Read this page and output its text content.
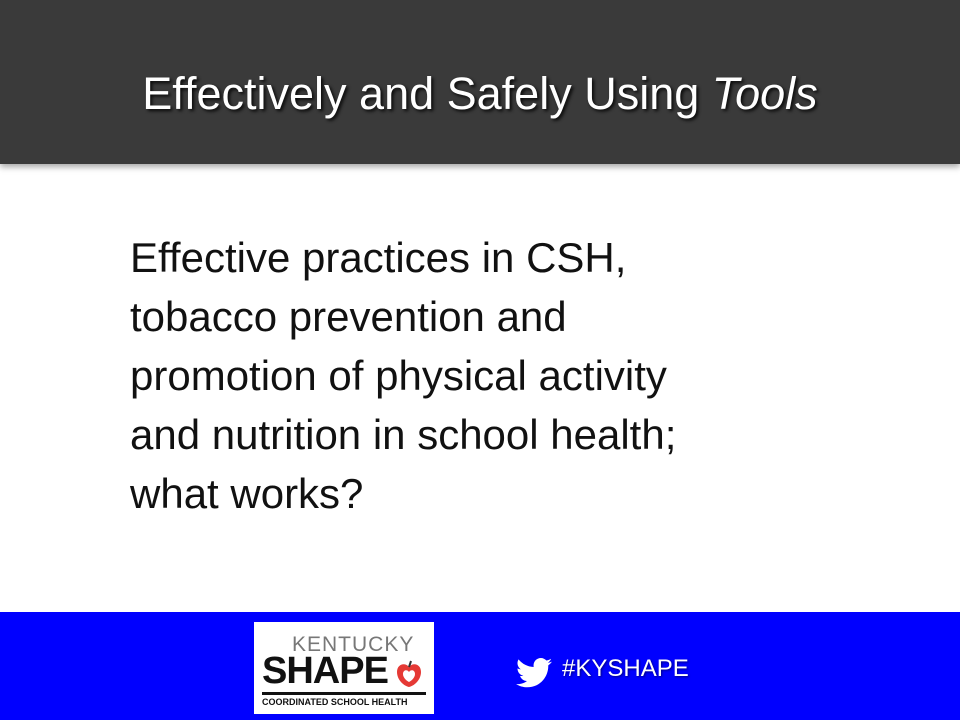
Effectively and Safely Using Tools
Effective practices in CSH,
tobacco prevention and
promotion of physical activity
and nutrition in school health;
what works?
KENTUCKY
SHAPE
COORDINATED SCHOOL HEALTH
#KYSHAPE
